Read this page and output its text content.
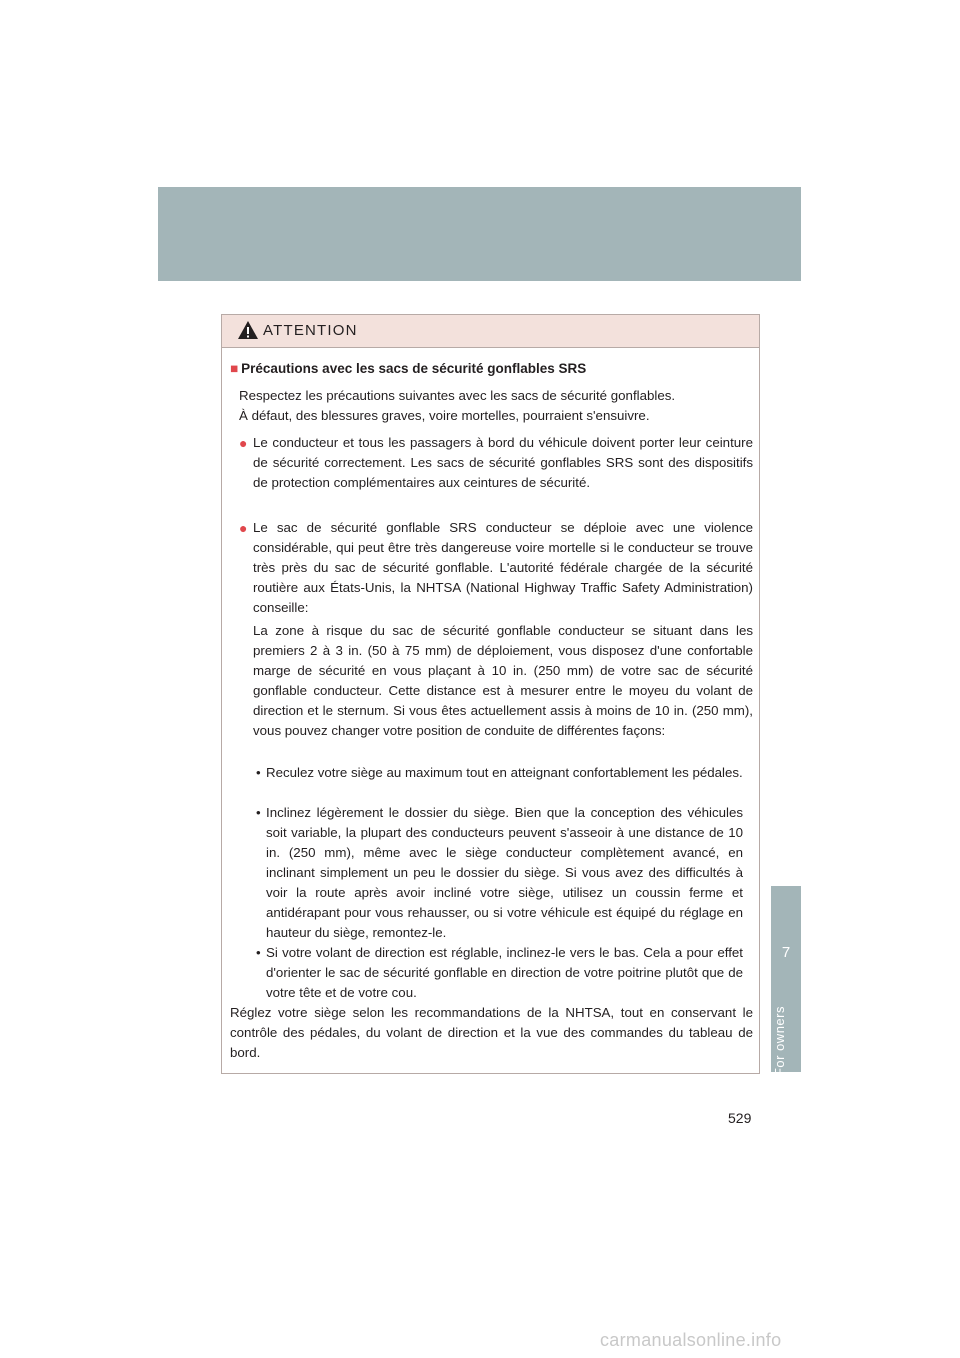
7
For owners
ATTENTION
■ Précautions avec les sacs de sécurité gonflables SRS
Respectez les précautions suivantes avec les sacs de sécurité gonflables.
À défaut, des blessures graves, voire mortelles, pourraient s'ensuivre.
● Le conducteur et tous les passagers à bord du véhicule doivent porter leur ceinture de sécurité correctement. Les sacs de sécurité gonflables SRS sont des dispositifs de protection complémentaires aux ceintures de sécurité.
● Le sac de sécurité gonflable SRS conducteur se déploie avec une violence considérable, qui peut être très dangereuse voire mortelle si le conducteur se trouve très près du sac de sécurité gonflable. L'autorité fédérale chargée de la sécurité routière aux États-Unis, la NHTSA (National Highway Traffic Safety Administration) conseille:
La zone à risque du sac de sécurité gonflable conducteur se situant dans les premiers 2 à 3 in. (50 à 75 mm) de déploiement, vous disposez d'une confortable marge de sécurité en vous plaçant à 10 in. (250 mm) de votre sac de sécurité gonflable conducteur. Cette distance est à mesurer entre le moyeu du volant de direction et le sternum. Si vous êtes actuellement assis à moins de 10 in. (250 mm), vous pouvez changer votre position de conduite de différentes façons:
• Reculez votre siège au maximum tout en atteignant confortablement les pédales.
• Inclinez légèrement le dossier du siège. Bien que la conception des véhicules soit variable, la plupart des conducteurs peuvent s'asseoir à une distance de 10 in. (250 mm), même avec le siège conducteur complètement avancé, en inclinant simplement un peu le dossier du siège. Si vous avez des difficultés à voir la route après avoir incliné votre siège, utilisez un coussin ferme et antidérapant pour vous rehausser, ou si votre véhicule est équipé du réglage en hauteur du siège, remontez-le.
• Si votre volant de direction est réglable, inclinez-le vers le bas. Cela a pour effet d'orienter le sac de sécurité gonflable en direction de votre poitrine plutôt que de votre tête et de votre cou.
Réglez votre siège selon les recommandations de la NHTSA, tout en conservant le contrôle des pédales, du volant de direction et la vue des commandes du tableau de bord.
529
carmanualsonline.info
